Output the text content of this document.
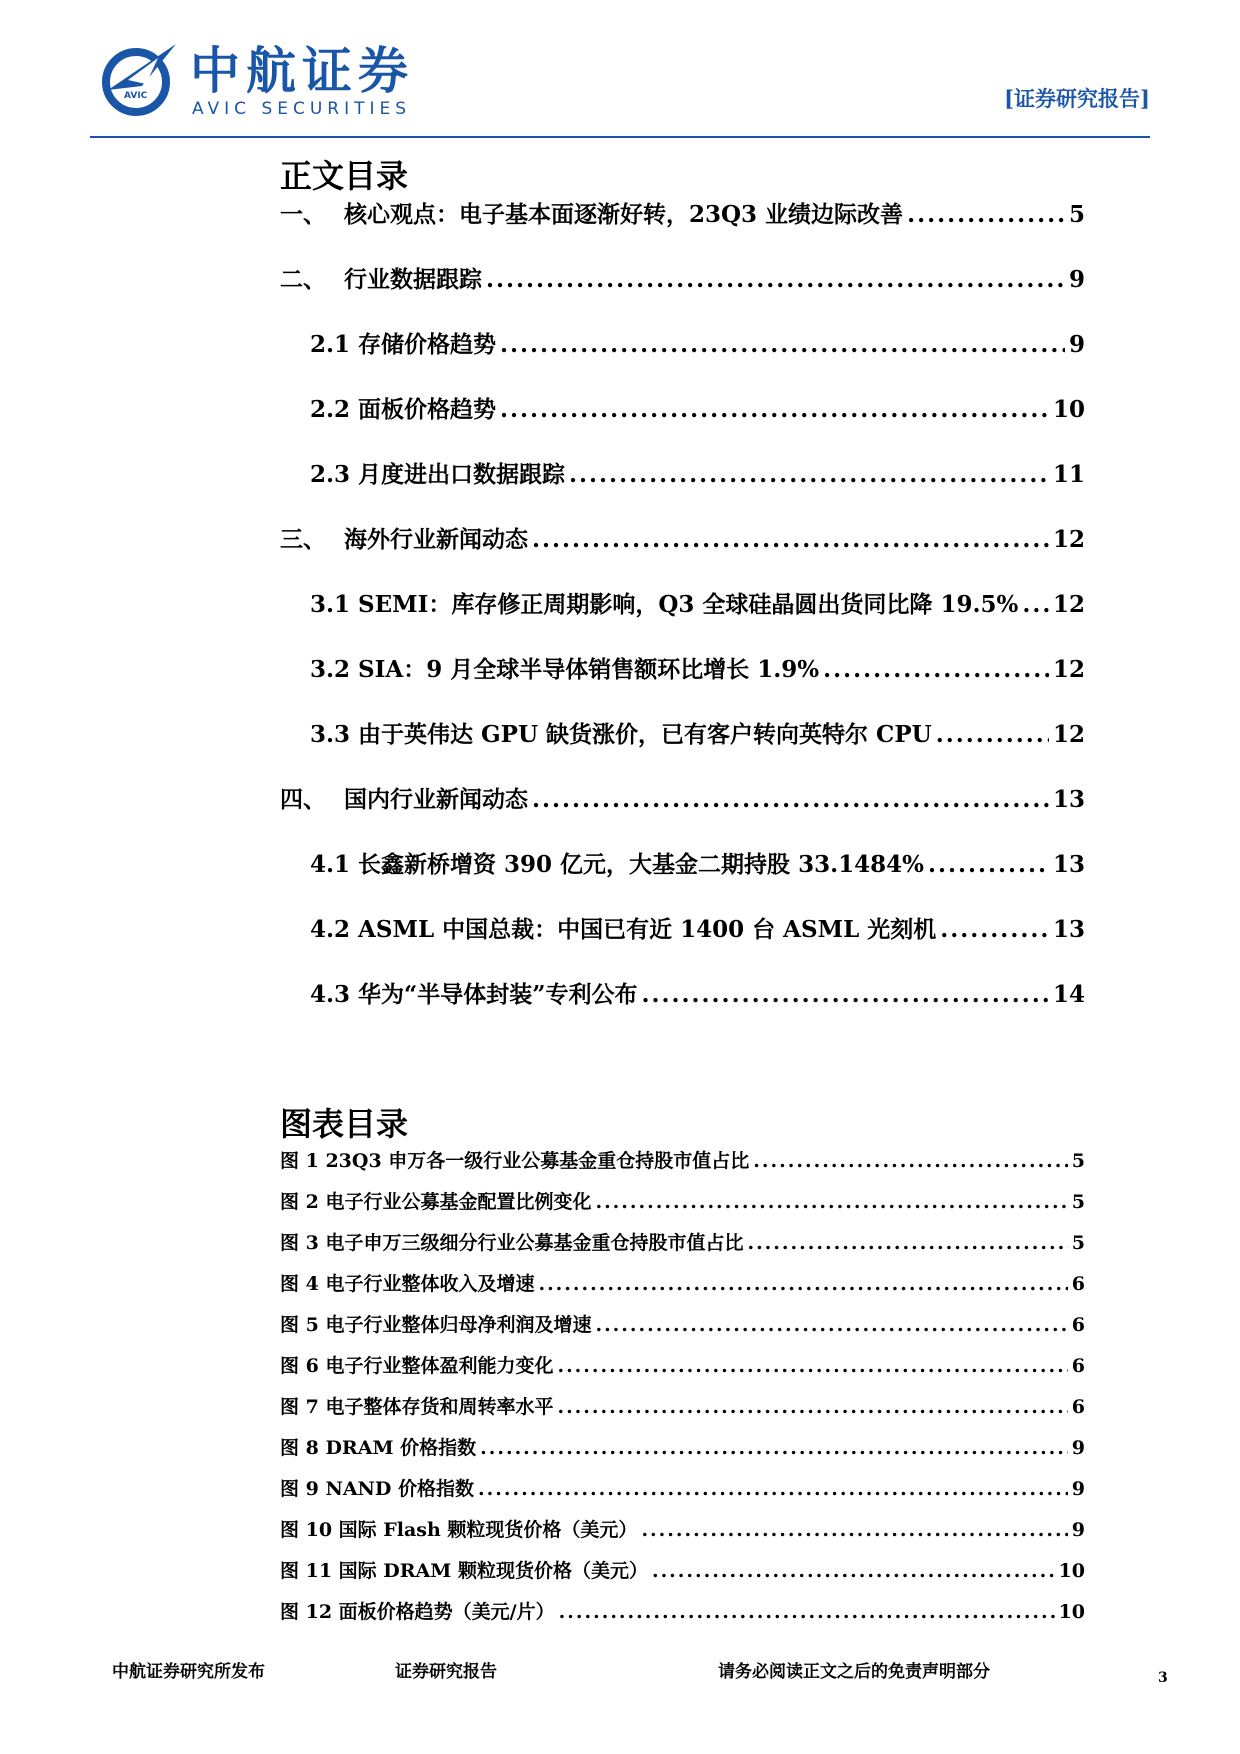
AVIC 中航证券
AVIC SECURITIES	[证券研究报告]
正文目录
一、 核心观点：电子基本面逐渐好转，23Q3 业绩边际改善 .....	5
二、 行业数据跟踪 .....	9
2.1 存储价格趋势 .....	9
2.2 面板价格趋势 .....	10
2.3 月度进出口数据跟踪 .....	11
三、 海外行业新闻动态 .....	12
3.1 SEMI：库存修正周期影响，Q3 全球硅晶圆出货同比降 19.5% ..... 12
3.2 SIA：9 月全球半导体销售额环比增长 1.9% .....	12
3.3 由于英伟达 GPU 缺货涨价，已有客户转向英特尔 CPU .....	12
四、 国内行业新闻动态 .....	13
4.1 长鑫新桥增资 390 亿元，大基金二期持股 33.1484% .....	13
4.2 ASML 中国总裁：中国已有近 1400 台 ASML 光刻机 .....	13
4.3 华为“半导体封装”专利公布 .....	14
图表目录
图 1 23Q3 申万各一级行业公募基金重仓持股市值占比 .....	5
图 2 电子行业公募基金配置比例变化 .....	5
图 3 电子申万三级细分行业公募基金重仓持股市值占比 .....	5
图 4 电子行业整体收入及增速 .....	6
图 5 电子行业整体归母净利润及增速 .....	6
图 6 电子行业整体盈利能力变化 .....	6
图 7 电子整体存货和周转率水平 .....	6
图 8 DRAM 价格指数 .....	9
图 9 NAND 价格指数 .....	9
图 10 国际 Flash 颗粒现货价格（美元） .....	9
图 11 国际 DRAM 颗粒现货价格（美元） .....	10
图 12 面板价格趋势（美元/片） .....	10
中航证券研究所发布	证券研究报告	请务必阅读正文之后的免责声明部分	3
